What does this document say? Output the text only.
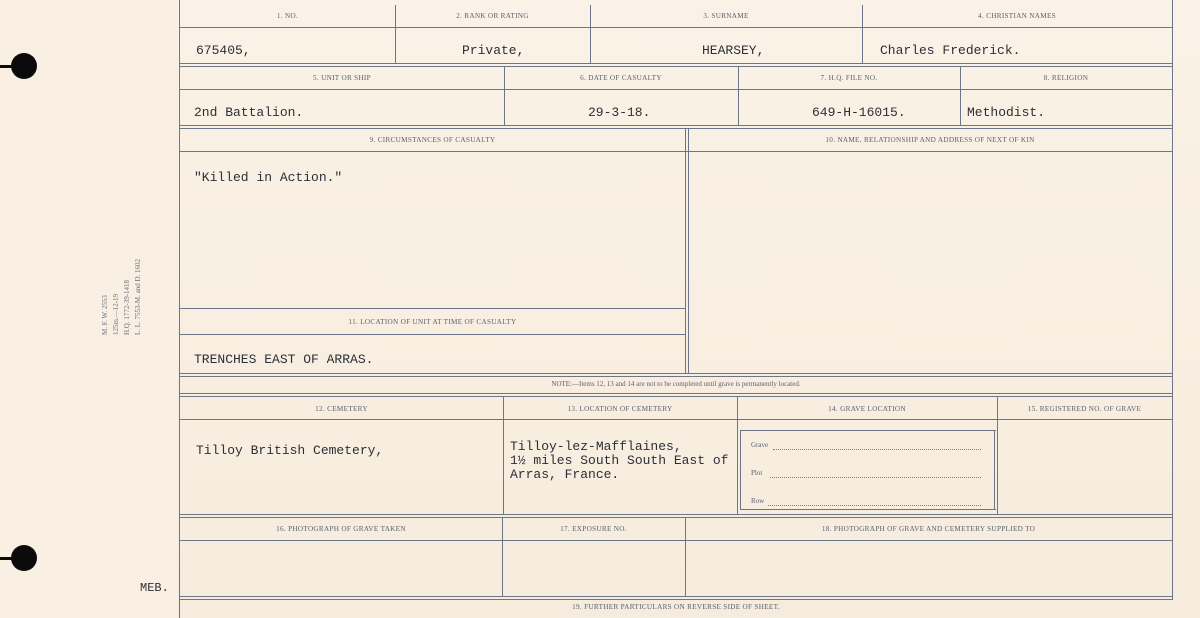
M. F. W. 2553 125m.—12-19 H.Q. 1772-39-1418 L. L. 7553-M. and D. 1602
MEB.
1. NO.	2. RANK OR RATING	3. SURNAME	4. CHRISTIAN NAMES
675405,	Private,	HEARSEY,	Charles Frederick.
5. UNIT OR SHIP	6. DATE OF CASUALTY	7. H.Q. FILE NO.	8. RELIGION
2nd Battalion.	29-3-18.	649-H-16015.	Methodist.
9. CIRCUMSTANCES OF CASUALTY	10. NAME, RELATIONSHIP AND ADDRESS OF NEXT OF KIN
"Killed in Action."
11. LOCATION OF UNIT AT TIME OF CASUALTY
TRENCHES EAST OF ARRAS.
NOTE:—Items 12, 13 and 14 are not to be completed until grave is permanently located.
12. CEMETERY	13. LOCATION OF CEMETERY	14. GRAVE LOCATION	15. REGISTERED NO. OF GRAVE
Tilloy British Cemetery,	Tilloy-lez-Mafflaines,
1½ miles South South East of
Arras, France.
Grave
Plot
Row
16. PHOTOGRAPH OF GRAVE TAKEN	17. EXPOSURE NO.	18. PHOTOGRAPH OF GRAVE AND CEMETERY SUPPLIED TO
19. FURTHER PARTICULARS ON REVERSE SIDE OF SHEET.
